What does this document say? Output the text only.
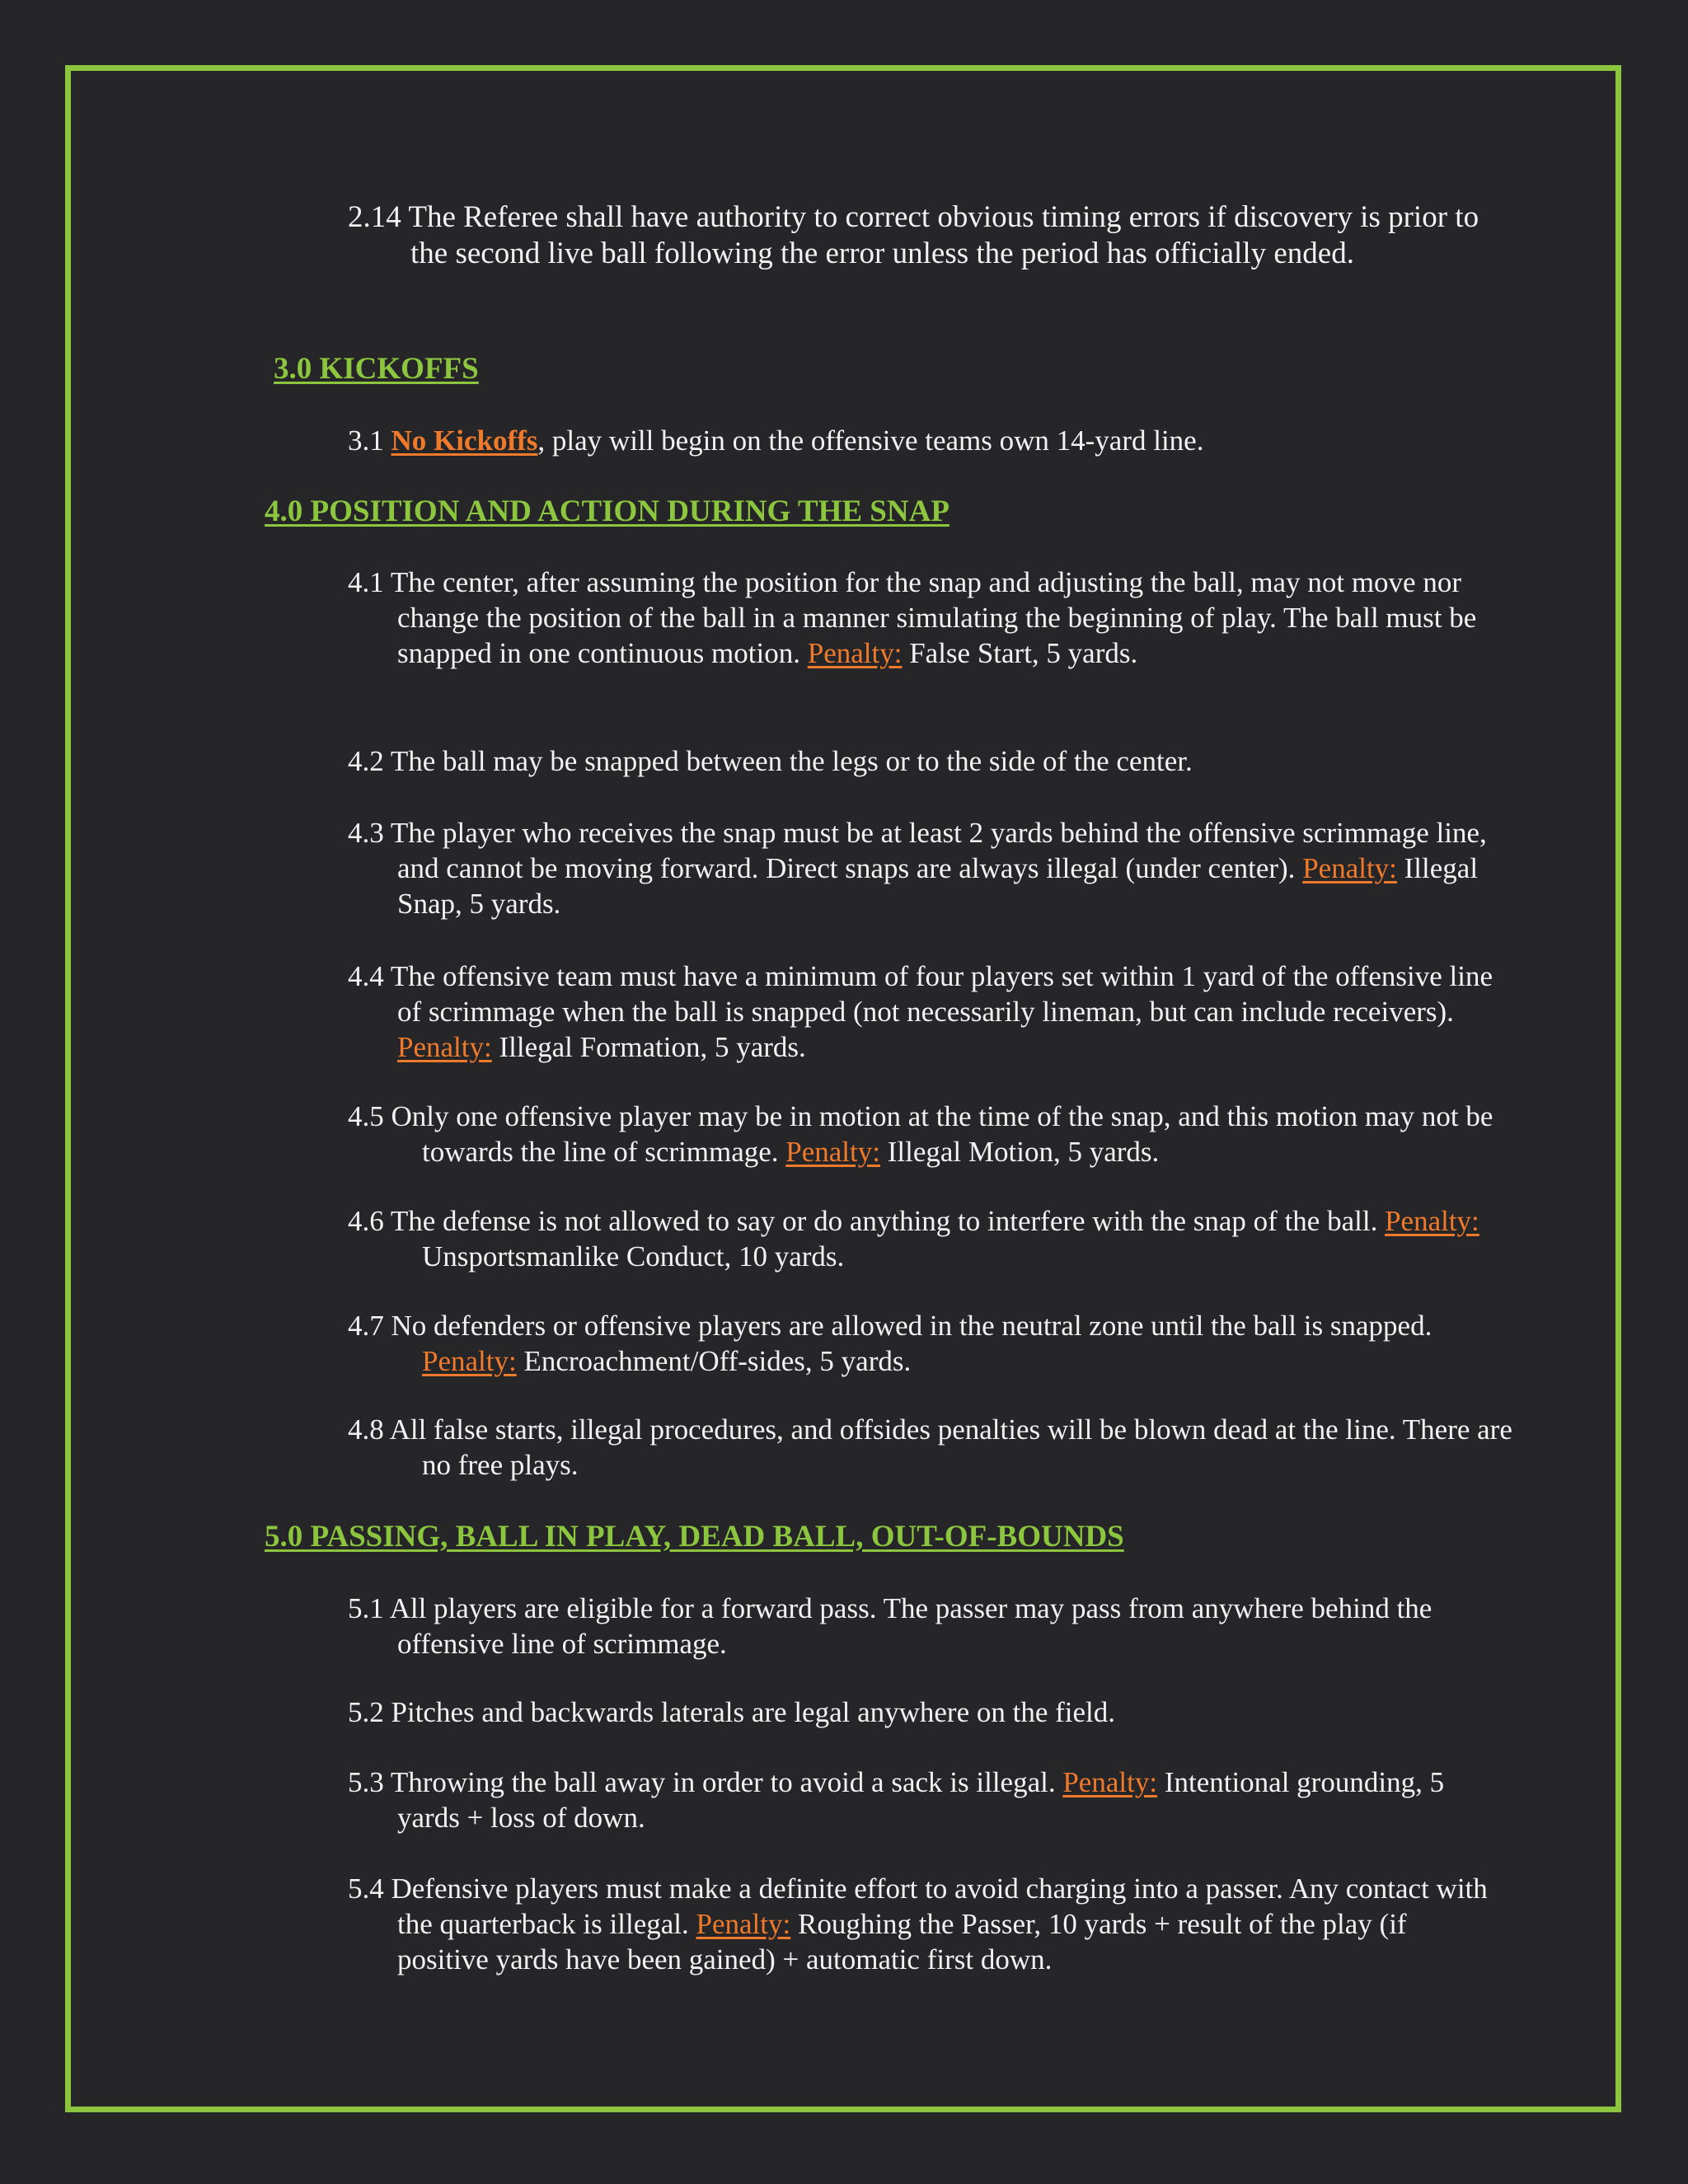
2.14 The Referee shall have authority to correct obvious timing errors if discovery is prior to the second live ball following the error unless the period has officially ended.

3.0 KICKOFFS

3.1 No Kickoffs, play will begin on the offensive teams own 14-yard line.

4.0 POSITION AND ACTION DURING THE SNAP

4.1 The center, after assuming the position for the snap and adjusting the ball, may not move nor change the position of the ball in a manner simulating the beginning of play. The ball must be snapped in one continuous motion. Penalty: False Start, 5 yards.

4.2 The ball may be snapped between the legs or to the side of the center.

4.3 The player who receives the snap must be at least 2 yards behind the offensive scrimmage line, and cannot be moving forward. Direct snaps are always illegal (under center). Penalty: Illegal Snap, 5 yards.

4.4 The offensive team must have a minimum of four players set within 1 yard of the offensive line of scrimmage when the ball is snapped (not necessarily lineman, but can include receivers). Penalty: Illegal Formation, 5 yards.

4.5 Only one offensive player may be in motion at the time of the snap, and this motion may not be towards the line of scrimmage. Penalty: Illegal Motion, 5 yards.

4.6 The defense is not allowed to say or do anything to interfere with the snap of the ball. Penalty: Unsportsmanlike Conduct, 10 yards.

4.7 No defenders or offensive players are allowed in the neutral zone until the ball is snapped. Penalty: Encroachment/Off-sides, 5 yards.

4.8 All false starts, illegal procedures, and offsides penalties will be blown dead at the line. There are no free plays.

5.0 PASSING, BALL IN PLAY, DEAD BALL, OUT-OF-BOUNDS

5.1 All players are eligible for a forward pass. The passer may pass from anywhere behind the offensive line of scrimmage.

5.2 Pitches and backwards laterals are legal anywhere on the field.

5.3 Throwing the ball away in order to avoid a sack is illegal. Penalty: Intentional grounding, 5 yards + loss of down.

5.4 Defensive players must make a definite effort to avoid charging into a passer. Any contact with the quarterback is illegal. Penalty: Roughing the Passer, 10 yards + result of the play (if positive yards have been gained) + automatic first down.
